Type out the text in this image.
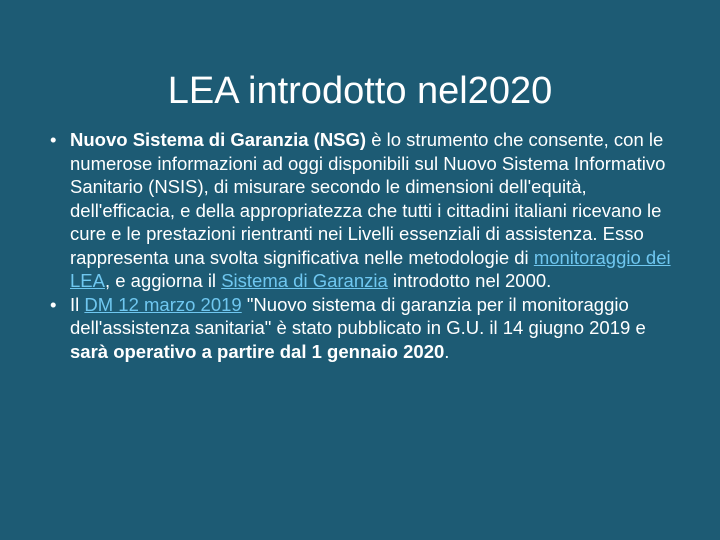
LEA introdotto nel2020
• Nuovo Sistema di Garanzia (NSG) è lo strumento che consente, con le numerose informazioni ad oggi disponibili sul Nuovo Sistema Informativo Sanitario (NSIS), di misurare secondo le dimensioni dell'equità, dell'efficacia, e della appropriatezza che tutti i cittadini italiani ricevano le cure e le prestazioni rientranti nei Livelli essenziali di assistenza. Esso rappresenta una svolta significativa nelle metodologie di monitoraggio dei LEA, e aggiorna il Sistema di Garanzia introdotto nel 2000.
• Il DM 12 marzo 2019 "Nuovo sistema di garanzia per il monitoraggio dell'assistenza sanitaria" è stato pubblicato in G.U. il 14 giugno 2019 e sarà operativo a partire dal 1 gennaio 2020.
